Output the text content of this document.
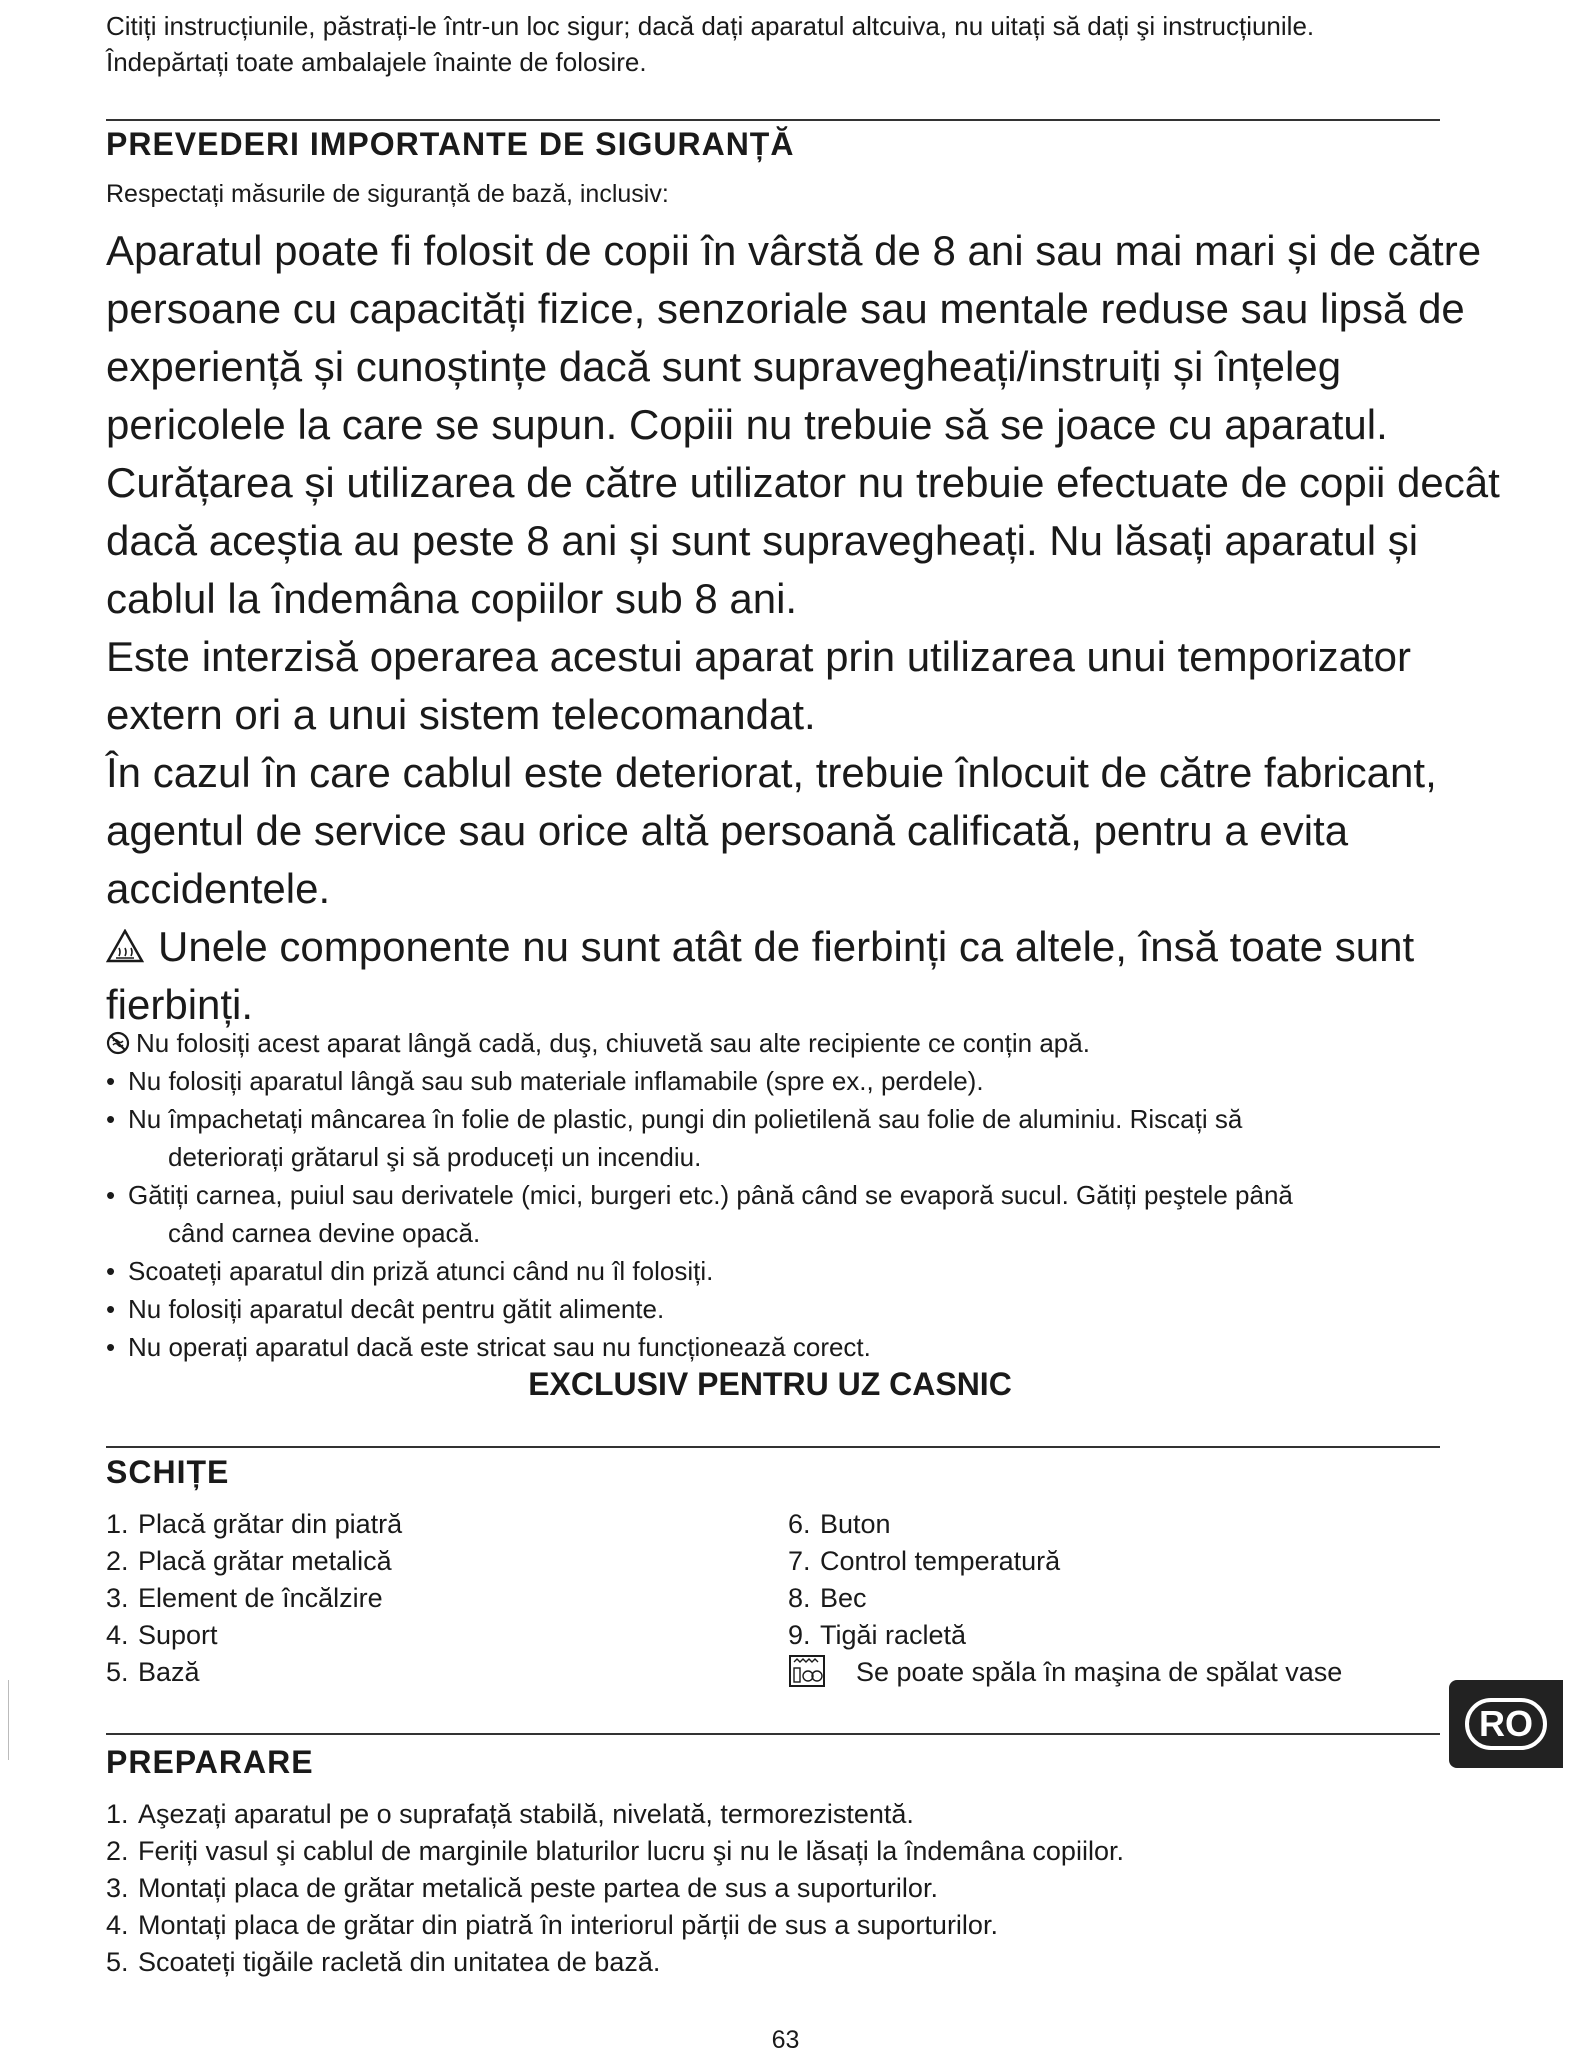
Citiți instrucțiunile, păstrați-le într-un loc sigur; dacă dați aparatul altcuiva, nu uitați să dați şi instrucțiunile.
Îndepărtați toate ambalajele înainte de folosire.
PREVEDERI IMPORTANTE DE SIGURANȚĂ
Respectați măsurile de siguranță de bază, inclusiv:

Aparatul poate fi folosit de copii în vârstă de 8 ani sau mai mari și de către persoane cu capacități fizice, senzoriale sau mentale reduse sau lipsă de experiență și cunoștințe dacă sunt supravegheați/instruiți și înțeleg pericolele la care se supun. Copiii nu trebuie să se joace cu aparatul.

Curățarea și utilizarea de către utilizator nu trebuie efectuate de copii decât dacă aceștia au peste 8 ani și sunt supravegheați. Nu lăsați aparatul și cablul la îndemâna copiilor sub 8 ani.

Este interzisă operarea acestui aparat prin utilizarea unui temporizator extern ori a unui sistem telecomandat.

În cazul în care cablul este deteriorat, trebuie înlocuit de către fabricant, agentul de service sau orice altă persoană calificată, pentru a evita accidentele.

Unele componente nu sunt atât de fierbinți ca altele, însă toate sunt fierbinți.

Nu folosiți acest aparat lângă cadă, duş, chiuvetă sau alte recipiente ce conțin apă.
• Nu folosiți aparatul lângă sau sub materiale inflamabile (spre ex., perdele).
• Nu împachetați mâncarea în folie de plastic, pungi din polietilenă sau folie de aluminiu. Riscați să
deteriorați grătarul şi să produceți un incendiu.
• Gătiți carnea, puiul sau derivatele (mici, burgeri etc.) până când se evaporă sucul. Gătiți peştele până
când carnea devine opacă.
• Scoateți aparatul din priză atunci când nu îl folosiți.
• Nu folosiți aparatul decât pentru gătit alimente.
• Nu operați aparatul dacă este stricat sau nu funcționează corect.
EXCLUSIV PENTRU UZ CASNIC
SCHIȚE
1. Placă grătar din piatră
2. Placă grătar metalică
3. Element de încălzire
4. Suport
5. Bază
6. Buton
7. Control temperatură
8. Bec
9. Tigăi racletă
Se poate spăla în maşina de spălat vase
PREPARARE
1. Aşezați aparatul pe o suprafață stabilă, nivelată, termorezistentă.
2. Feriți vasul şi cablul de marginile blaturilor lucru şi nu le lăsați la îndemâna copiilor.
3. Montați placa de grătar metalică peste partea de sus a suporturilor.
4. Montați placa de grătar din piatră în interiorul părții de sus a suporturilor.
5. Scoateți tigăile racletă din unitatea de bază.
RO
63
